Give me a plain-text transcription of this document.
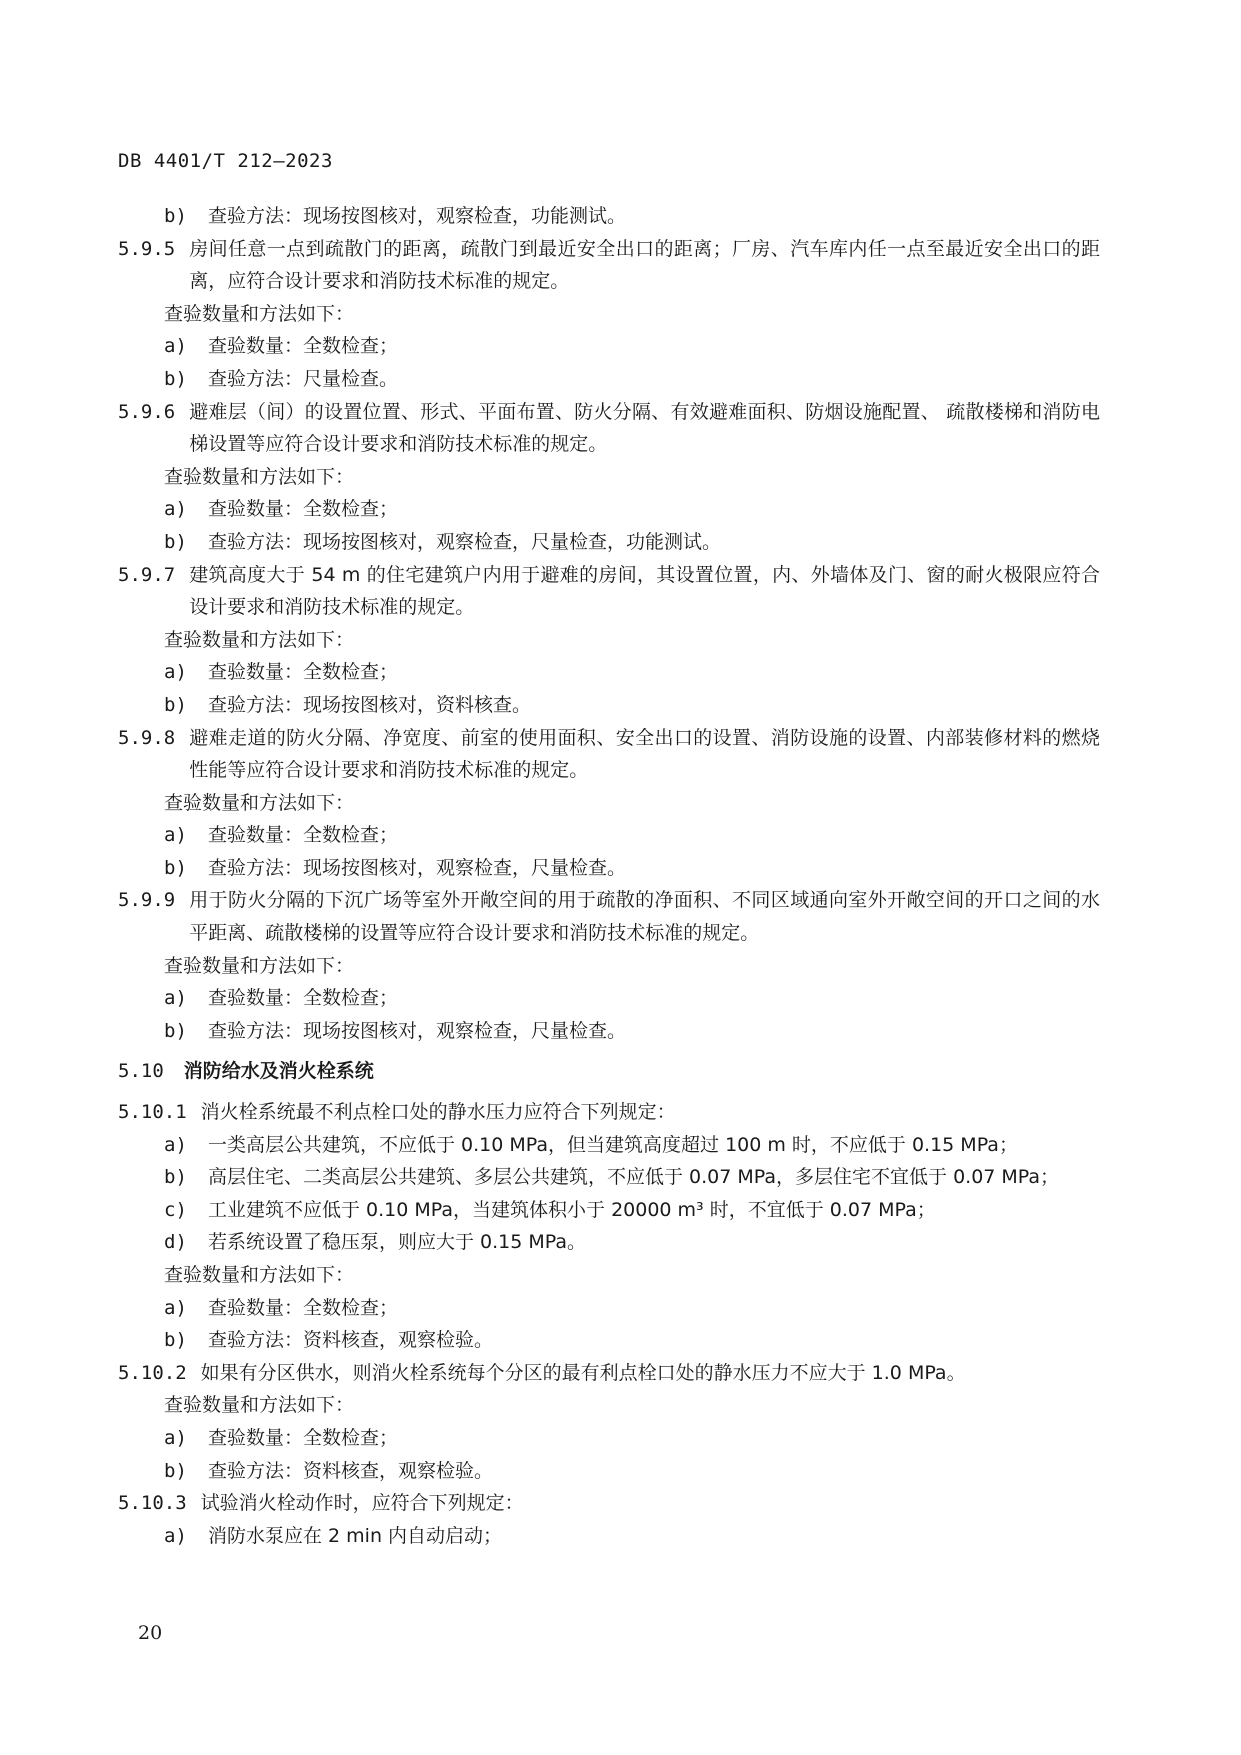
DB 4401/T 212—2023
b)	查验方法：现场按图核对，观察检查，功能测试。
5.9.5 房间任意一点到疏散门的距离，疏散门到最近安全出口的距离；厂房、汽车库内任一点至最近安全出口的距离，应符合设计要求和消防技术标准的规定。
查验数量和方法如下：
a)	查验数量：全数检查；
b)	查验方法：尺量检查。
5.9.6 避难层（间）的设置位置、形式、平面布置、防火分隔、有效避难面积、防烟设施配置、 疏散楼梯和消防电梯设置等应符合设计要求和消防技术标准的规定。
查验数量和方法如下：
a)	查验数量：全数检查；
b)	查验方法：现场按图核对，观察检查，尺量检查，功能测试。
5.9.7 建筑高度大于 54 m 的住宅建筑户内用于避难的房间，其设置位置，内、外墙体及门、窗的耐火极限应符合设计要求和消防技术标准的规定。
查验数量和方法如下：
a)	查验数量：全数检查；
b)	查验方法：现场按图核对，资料核查。
5.9.8 避难走道的防火分隔、净宽度、前室的使用面积、安全出口的设置、消防设施的设置、内部装修材料的燃烧性能等应符合设计要求和消防技术标准的规定。
查验数量和方法如下：
a)	查验数量：全数检查；
b)	查验方法：现场按图核对，观察检查，尺量检查。
5.9.9 用于防火分隔的下沉广场等室外开敞空间的用于疏散的净面积、不同区域通向室外开敞空间的开口之间的水平距离、疏散楼梯的设置等应符合设计要求和消防技术标准的规定。
查验数量和方法如下：
a)	查验数量：全数检查；
b)	查验方法：现场按图核对，观察检查，尺量检查。
5.10 消防给水及消火栓系统
5.10.1 消火栓系统最不利点栓口处的静水压力应符合下列规定：
a)	一类高层公共建筑，不应低于 0.10 MPa，但当建筑高度超过 100 m 时，不应低于 0.15 MPa；
b)	高层住宅、二类高层公共建筑、多层公共建筑，不应低于 0.07 MPa，多层住宅不宜低于 0.07 MPa；
c)	工业建筑不应低于 0.10 MPa，当建筑体积小于 20000 m³ 时，不宜低于 0.07 MPa；
d)	若系统设置了稳压泵，则应大于 0.15 MPa。
查验数量和方法如下：
a)	查验数量：全数检查；
b)	查验方法：资料核查，观察检验。
5.10.2 如果有分区供水，则消火栓系统每个分区的最有利点栓口处的静水压力不应大于 1.0 MPa。
查验数量和方法如下：
a)	查验数量：全数检查；
b)	查验方法：资料核查，观察检验。
5.10.3 试验消火栓动作时，应符合下列规定：
a)	消防水泵应在 2 min 内自动启动；
20
